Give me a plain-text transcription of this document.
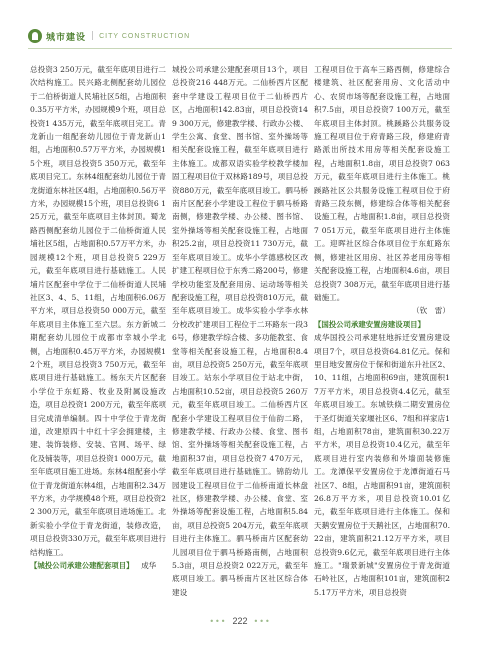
城市建设 | CITY CONSTRUCTION

总投资3 250万元，截至年底项目进行二次结构施工。民兴路北侧配套幼儿园位于二伯桥街道人民埔社区5组，占地面积0.35万平方米，办园规模9个班，项目总投资1 435万元，截至年底项目完工。青龙新山一组配套幼儿园位于青龙新山1组，占地面积0.57万平方米，办园规模15个班，项目总投资5 350万元，截至年底项目完工。东林4组配套幼儿园位于青龙街道东林社区4组，占地面积0.56万平方米，办园规模15个班，项目总投资6 125万元，截至年底项目主体封顶。蜀龙路西侧配套幼儿园位于二仙桥街道人民埔社区5组，占地面积0.57万平方米，办园规模12个班，项目总投资5 229万元，截至年底项目进行基础施工。人民埔片区配套中学位于二仙桥街道人民埔社区3、4、5、11组，占地面积6.06万平方米，项目总投资50 000万元，截至年底项目主体施工至六层。东方新城二期配套幼儿园位于成都市幸城小学北侧，占地面积0.45万平方米，办园规模12个班，项目总投资3 750万元，截至年底项目进行基础施工。杨东天片区配套小学位于东虹路、牧业及附属设施改造，项目总投资1 200万元，截至年底项目完成清单编制。四十中学位于青龙街道，改建原四十中红十字会拥建楼，主建、装饰装修、安装、官网、场平、绿化及铺装等，项目总投资1 000万元，截至年底项目施工进场。东林4组配套小学位于青龙街道东林4组，占地面积2.34万平方米，办学规模48个班，项目总投资22 300万元，截至年底项目进场施工。北新实验小学位于青龙街道，装修改造，项目总投资330万元，截至年底项目进行结构施工。

【城投公司承建公建配套项目】  成华

城投公司承建公建配套项目13个，项目总投资216 448万元。二仙桥西片区配套中学建设工程项目位于二仙桥西片区，占地面积142.83亩，项目总投资149 300万元，修建教学楼、行政办公楼、学生公寓、食堂、图书馆、室外操场等相关配套设施工程，截至年底项目进行主体施工。成都双语实验学校教学楼加固工程项目位于双林路189号，项目总投资880万元，截至年底项目竣工。驷马桥南片区配套小学建设工程位于驷马桥路南侧，修建教学楼、办公楼、图书馆、室外操场等相关配套设施工程，占地面积25.2亩，项目总投资11 730万元，截至年底项目竣工。成华小学德感校区改扩建工程项目位于东秀二路200号，修建学校功能室及配套用房、运动场等相关配套设施工程，项目总投资810万元，截至年底项目竣工。成华实验小学李水林分校改扩建项目工程位于二环路东一段36号，修建教学综合楼、多功能教室、食堂等相关配套设施工程，占地面积8.4亩，项目总投资5 250万元，截至年底项目竣工。站东小学项目位于站北中街，占地面积10.52亩，项目总投资5 260万元，截至年底项目竣工。二仙桥西片区配套小学建设工程项目位于仙韵二路，修建教学楼、行政办公楼、食堂、图书馆、室外操场等相关配套设施工程，占地面积37亩，项目总投资7 470万元，截至年底项目进行基础施工。锦韵幼儿园建设工程项目位于二仙桥南道长林盘社区，修建教学楼、办公楼、食堂、室外操场等配套设施工程，占地面积5.84亩，项目总投资5 204万元，截至年底项目进行主体施工。驷马桥南片区配套幼儿园项目位于驷马桥路南侧，占地面积5.3亩，项目总投资2 022万元，截至年底项目竣工。驷马桥南片区社区综合体建设

工程项目位于高车三路西侧，修建综合楼建筑、社区配套用房、文化活动中心、农贸市场等配套设施工程，占地面积7.5亩，项目总投资7 100万元，截至年底项目主体封顶。桃蹊路公共服务设施工程项目位于府青路三段，修建府青路派出所技术用房等相关配套设施工程，占地面积1.8亩，项目总投资7 063万元，截至年底项目进行主体施工。桃蹊路社区公共服务设施工程项目位于府青路三段东侧，修建综合体等相关配套设施工程，占地面积1.8亩，项目总投资7 051万元，截至年底项目进行主体施工。迎晖社区综合体项目位于东虹路东侧，修建社区用房、社区养老用房等相关配套设施工程，占地面积4.6亩，项目总投资7 308万元，截至年底项目进行基础施工。

（钦　雷）

【国投公司承建安置房建设项目】

成华国投公司承建驻地拆迁安置房建设项目7个，项目总投资64.81亿元。保和里目地安置房位于保和街道东升社区2、10、11组，占地面积69亩，建筑面积17万平方米，项目总投资4.4亿元，截至年底项目竣工。东城铁倏二期安置房位于圣灯街道关家堰社区6、7组和祥家店1组，占地面积78亩，建筑面积30.22万平方米，项目总投资10.4亿元，截至年底项目进行室内装修和外墙面装修施工。龙潭保平安置房位于龙潭街道石马社区7、8组，占地面积91亩，建筑面积26.8万平方米，项目总投资10.01亿元，截至年底项目进行主体施工。保和天鹅安置房位于天鹅社区，占地面积70.22亩，建筑面积21.12万平方米，项目总投资9.6亿元，截至年底项目进行主体施工。"瑞景新城"安置房位于青龙街道石岭社区，占地面积101亩，建筑面积25.17万平方米，项目总投资

••• 222 •••
